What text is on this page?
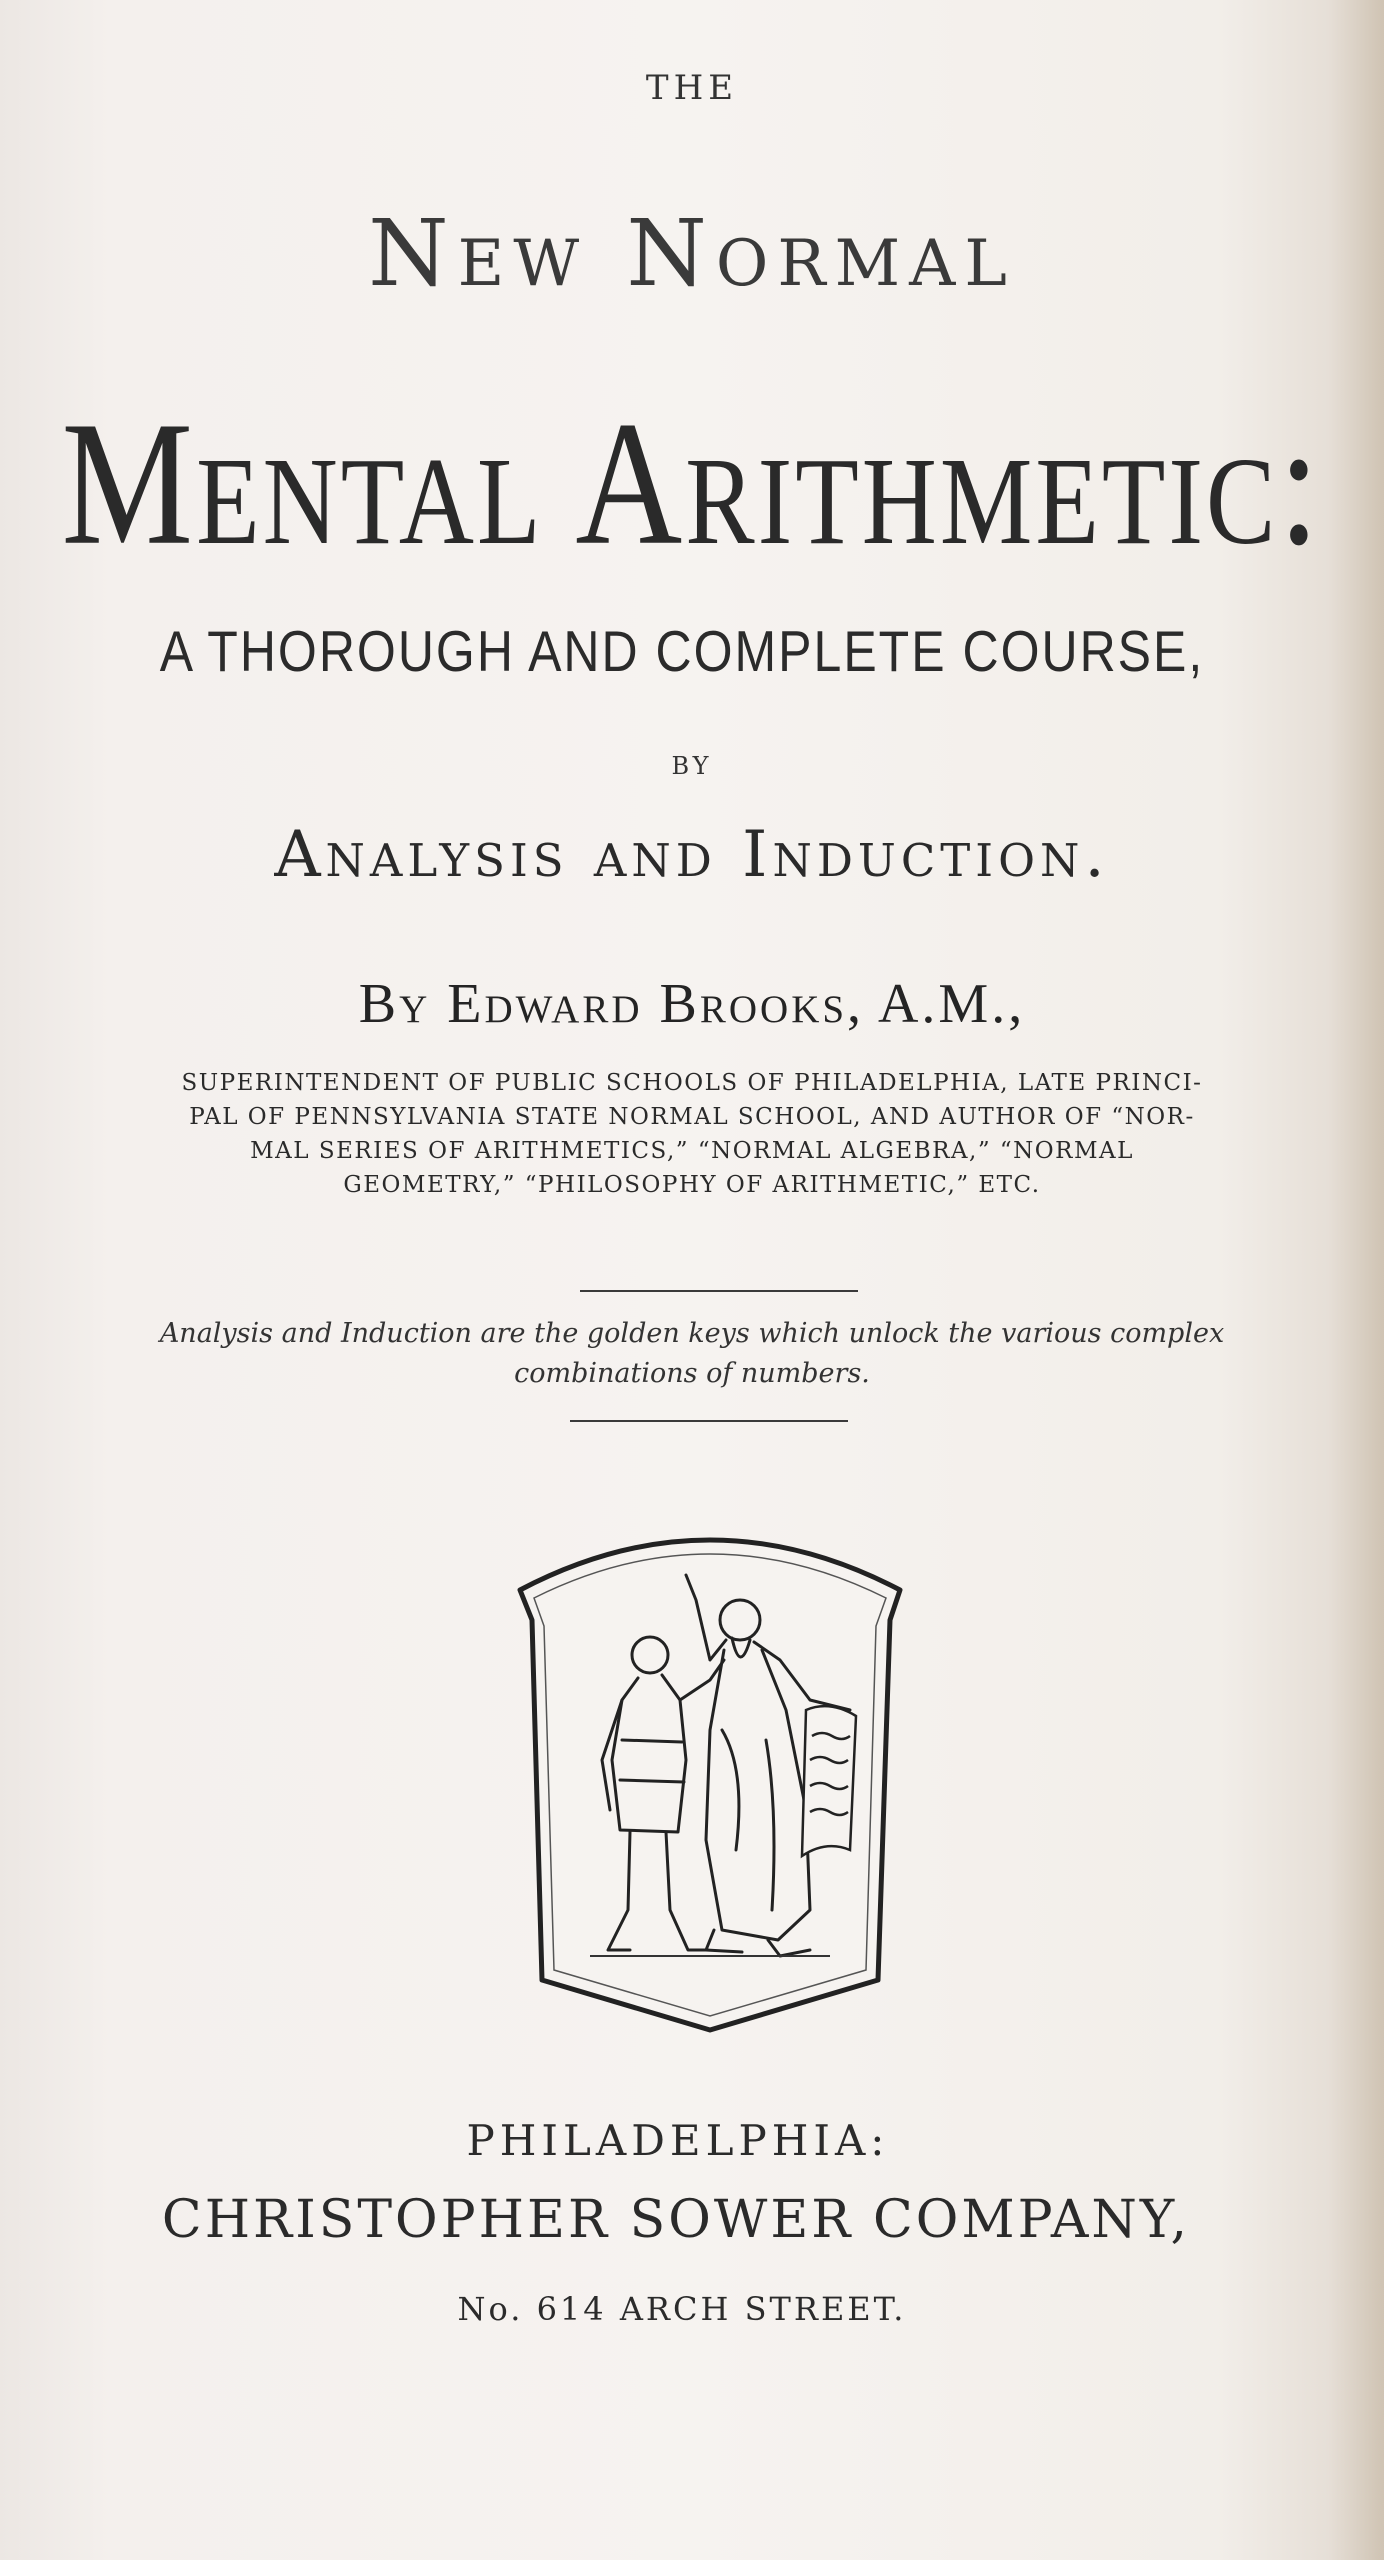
THE
New Normal
Mental Arithmetic:
A THOROUGH AND COMPLETE COURSE,
BY
Analysis and Induction.
By Edward Brooks, A.M.,
SUPERINTENDENT OF PUBLIC SCHOOLS OF PHILADELPHIA, LATE PRINCI-
PAL OF PENNSYLVANIA STATE NORMAL SCHOOL, AND AUTHOR OF “NOR-
MAL SERIES OF ARITHMETICS,” “NORMAL ALGEBRA,” “NORMAL
GEOMETRY,” “PHILOSOPHY OF ARITHMETIC,” ETC.
Analysis and Induction are the golden keys which unlock the various complex
combinations of numbers.
PHILADELPHIA:
CHRISTOPHER SOWER COMPANY,
No. 614 ARCH STREET.
